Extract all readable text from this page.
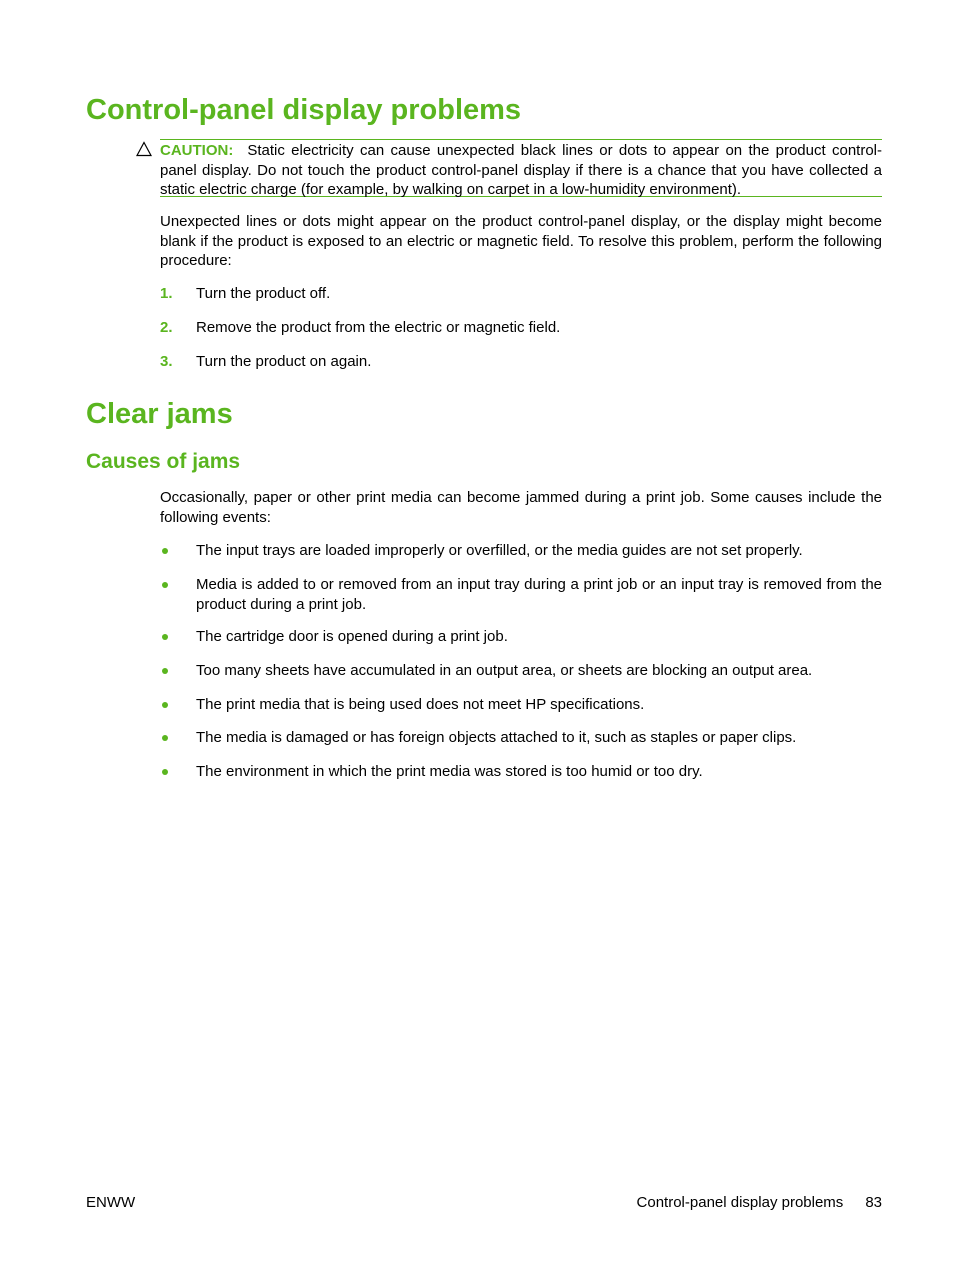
Control-panel display problems

CAUTION: Static electricity can cause unexpected black lines or dots to appear on the product control-panel display. Do not touch the product control-panel display if there is a chance that you have collected a static electric charge (for example, by walking on carpet in a low-humidity environment).

Unexpected lines or dots might appear on the product control-panel display, or the display might become blank if the product is exposed to an electric or magnetic field. To resolve this problem, perform the following procedure:

1. Turn the product off.
2. Remove the product from the electric or magnetic field.
3. Turn the product on again.
Clear jams
Causes of jams

Occasionally, paper or other print media can become jammed during a print job. Some causes include the following events:

The input trays are loaded improperly or overfilled, or the media guides are not set properly.
Media is added to or removed from an input tray during a print job or an input tray is removed from the product during a print job.
The cartridge door is opened during a print job.
Too many sheets have accumulated in an output area, or sheets are blocking an output area.
The print media that is being used does not meet HP specifications.
The media is damaged or has foreign objects attached to it, such as staples or paper clips.
The environment in which the print media was stored is too humid or too dry.
ENWW	Control-panel display problems 83
